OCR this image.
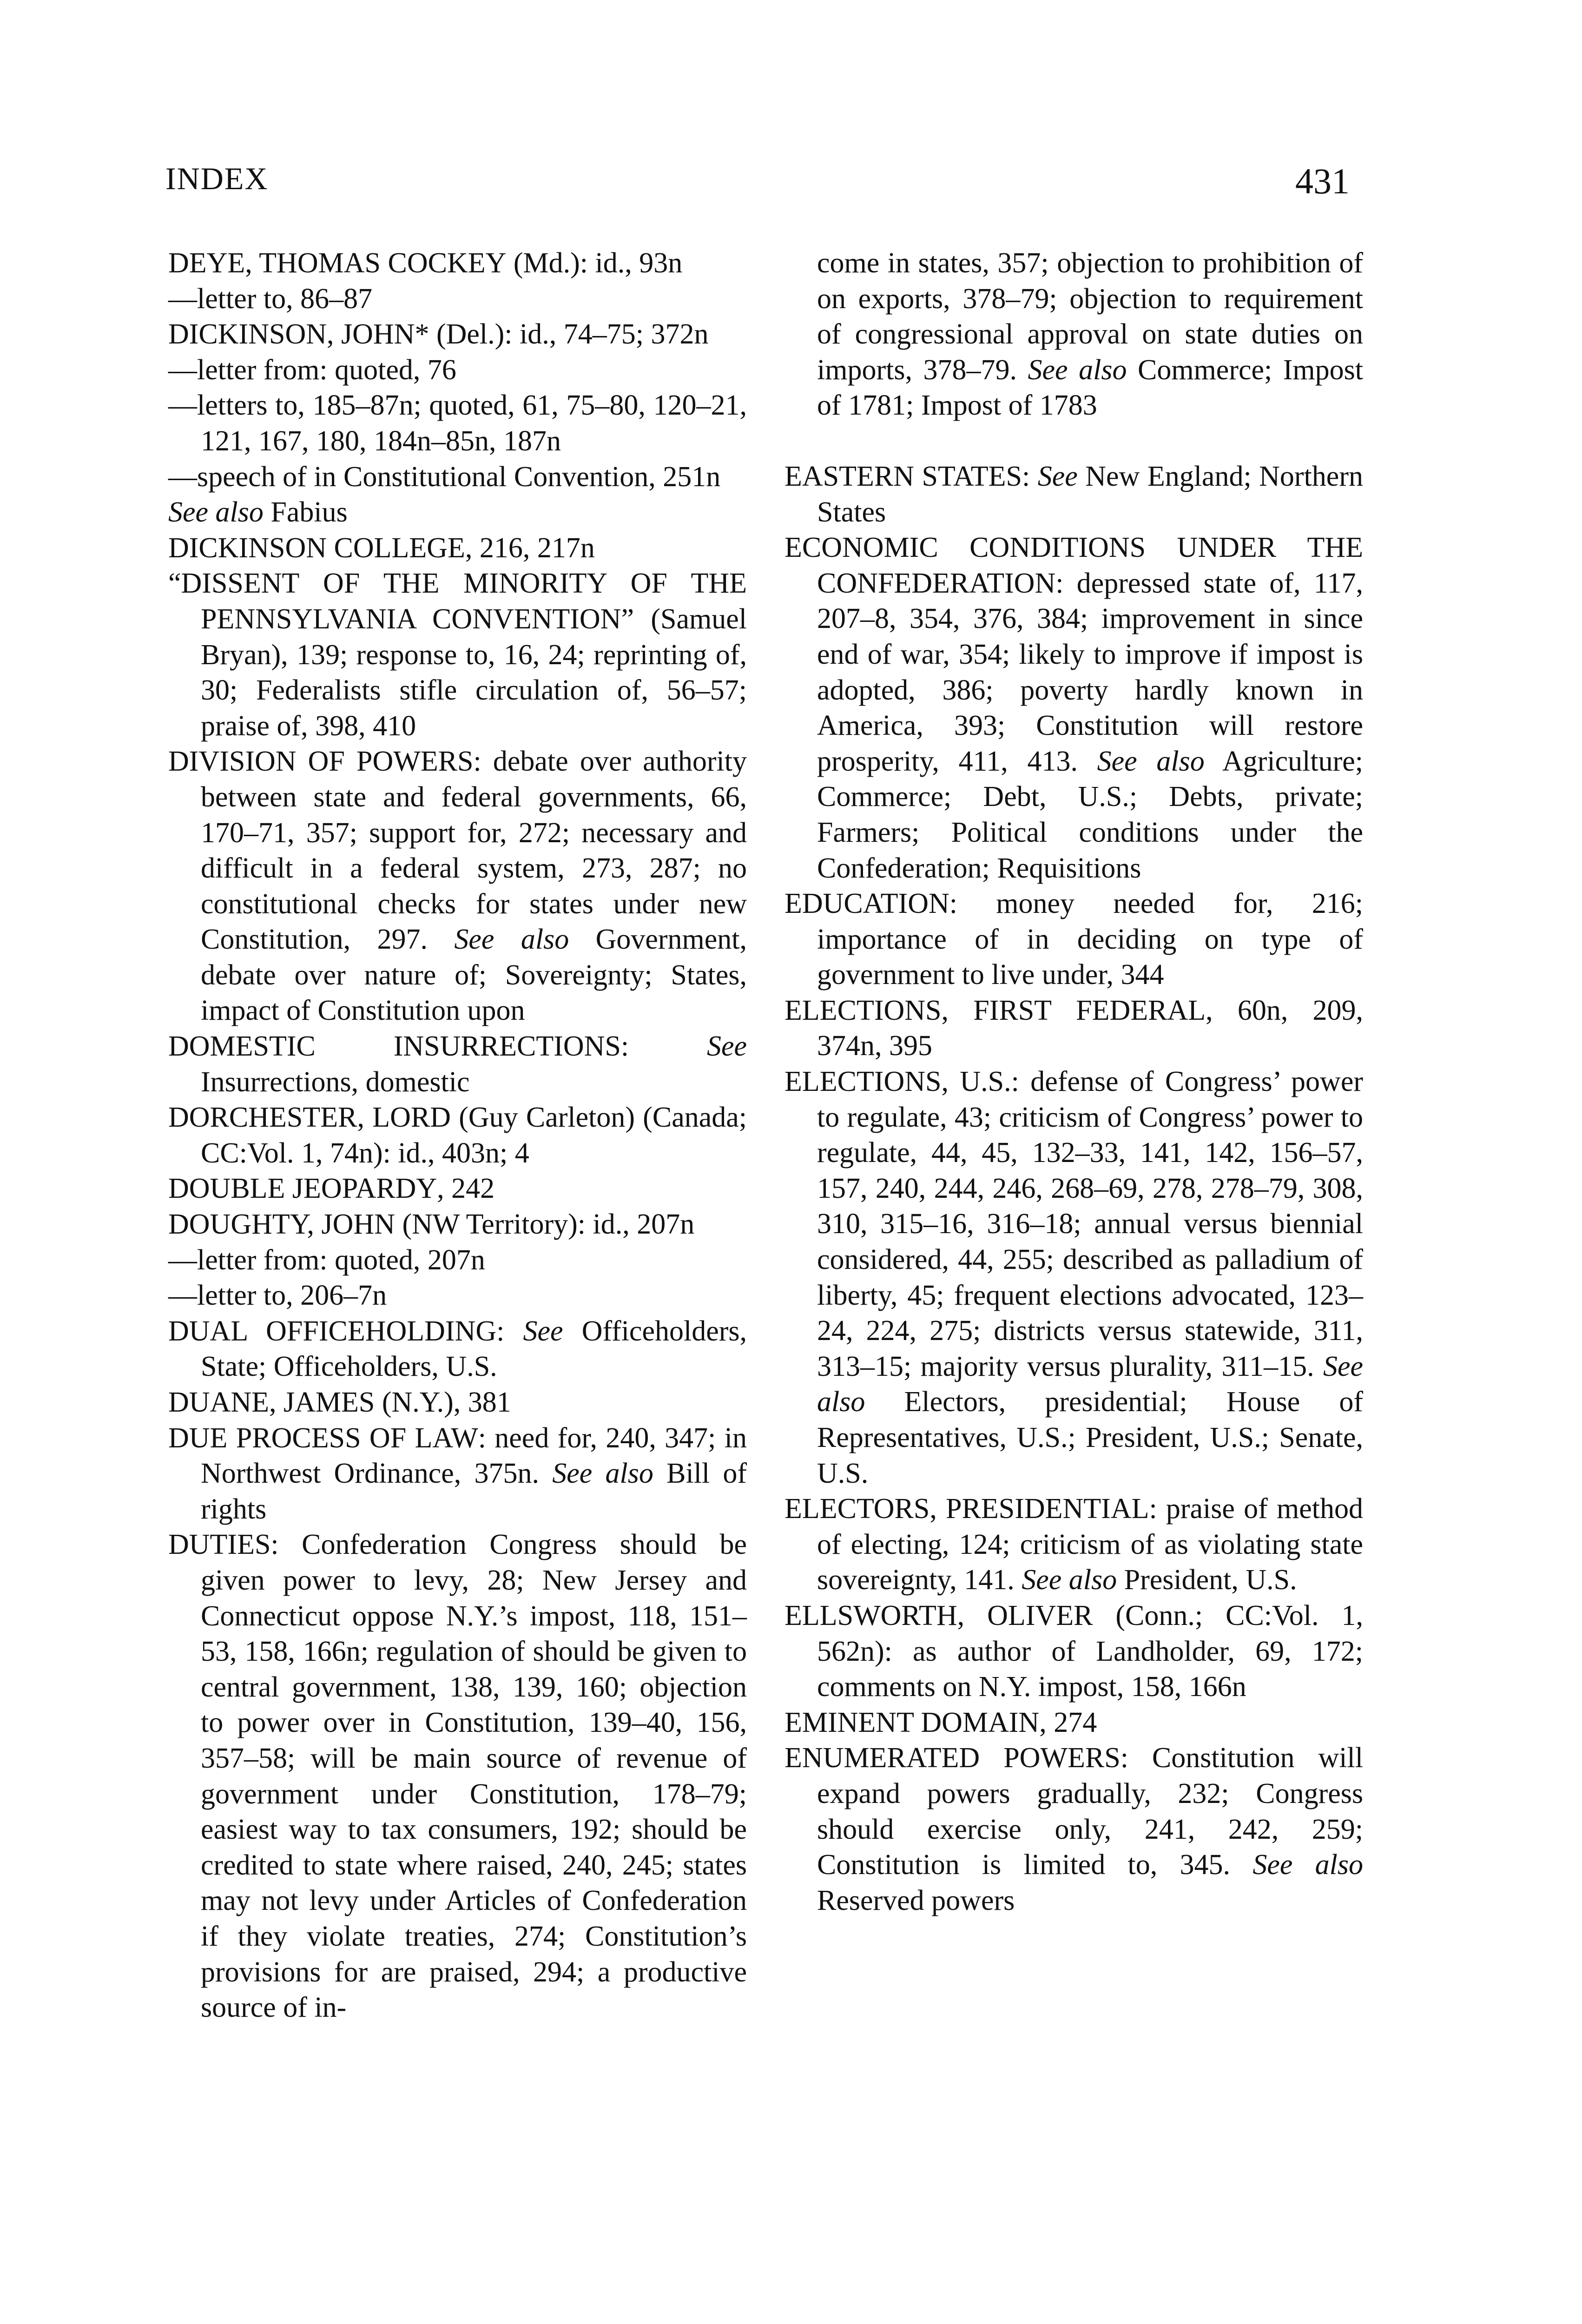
INDEX	431
DEYE, THOMAS COCKEY (Md.): id., 93n
—letter to, 86–87
DICKINSON, JOHN* (Del.): id., 74–75; 372n
—letter from: quoted, 76
—letters to, 185–87n; quoted, 61, 75–80, 120–21, 121, 167, 180, 184n–85n, 187n
—speech of in Constitutional Convention, 251n
See also Fabius
DICKINSON COLLEGE, 216, 217n
“DISSENT OF THE MINORITY OF THE PENNSYLVANIA CONVENTION” (Samuel Bryan), 139; response to, 16, 24; reprinting of, 30; Federalists stifle circulation of, 56–57; praise of, 398, 410
DIVISION OF POWERS: debate over authority between state and federal governments, 66, 170–71, 357; support for, 272; necessary and difficult in a federal system, 273, 287; no constitutional checks for states under new Constitution, 297. See also Government, debate over nature of; Sovereignty; States, impact of Constitution upon
DOMESTIC INSURRECTIONS: See Insurrections, domestic
DORCHESTER, LORD (Guy Carleton) (Canada; CC:Vol. 1, 74n): id., 403n; 4
DOUBLE JEOPARDY, 242
DOUGHTY, JOHN (NW Territory): id., 207n
—letter from: quoted, 207n
—letter to, 206–7n
DUAL OFFICEHOLDING: See Officeholders, State; Officeholders, U.S.
DUANE, JAMES (N.Y.), 381
DUE PROCESS OF LAW: need for, 240, 347; in Northwest Ordinance, 375n. See also Bill of rights
DUTIES: Confederation Congress should be given power to levy, 28; New Jersey and Connecticut oppose N.Y.’s impost, 118, 151–53, 158, 166n; regulation of should be given to central government, 138, 139, 160; objection to power over in Constitution, 139–40, 156, 357–58; will be main source of revenue of government under Constitution, 178–79; easiest way to tax consumers, 192; should be credited to state where raised, 240, 245; states may not levy under Articles of Confederation if they violate treaties, 274; Constitution’s provisions for are praised, 294; a productive source of in-
come in states, 357; objection to prohibition of on exports, 378–79; objection to requirement of congressional approval on state duties on imports, 378–79. See also Commerce; Impost of 1781; Impost of 1783
EASTERN STATES: See New England; Northern States
ECONOMIC CONDITIONS UNDER THE CONFEDERATION: depressed state of, 117, 207–8, 354, 376, 384; improvement in since end of war, 354; likely to improve if impost is adopted, 386; poverty hardly known in America, 393; Constitution will restore prosperity, 411, 413. See also Agriculture; Commerce; Debt, U.S.; Debts, private; Farmers; Political conditions under the Confederation; Requisitions
EDUCATION: money needed for, 216; importance of in deciding on type of government to live under, 344
ELECTIONS, FIRST FEDERAL, 60n, 209, 374n, 395
ELECTIONS, U.S.: defense of Congress’ power to regulate, 43; criticism of Congress’ power to regulate, 44, 45, 132–33, 141, 142, 156–57, 157, 240, 244, 246, 268–69, 278, 278–79, 308, 310, 315–16, 316–18; annual versus biennial considered, 44, 255; described as palladium of liberty, 45; frequent elections advocated, 123–24, 224, 275; districts versus statewide, 311, 313–15; majority versus plurality, 311–15. See also Electors, presidential; House of Representatives, U.S.; President, U.S.; Senate, U.S.
ELECTORS, PRESIDENTIAL: praise of method of electing, 124; criticism of as violating state sovereignty, 141. See also President, U.S.
ELLSWORTH, OLIVER (Conn.; CC:Vol. 1, 562n): as author of Landholder, 69, 172; comments on N.Y. impost, 158, 166n
EMINENT DOMAIN, 274
ENUMERATED POWERS: Constitution will expand powers gradually, 232; Congress should exercise only, 241, 242, 259; Constitution is limited to, 345. See also Reserved powers
